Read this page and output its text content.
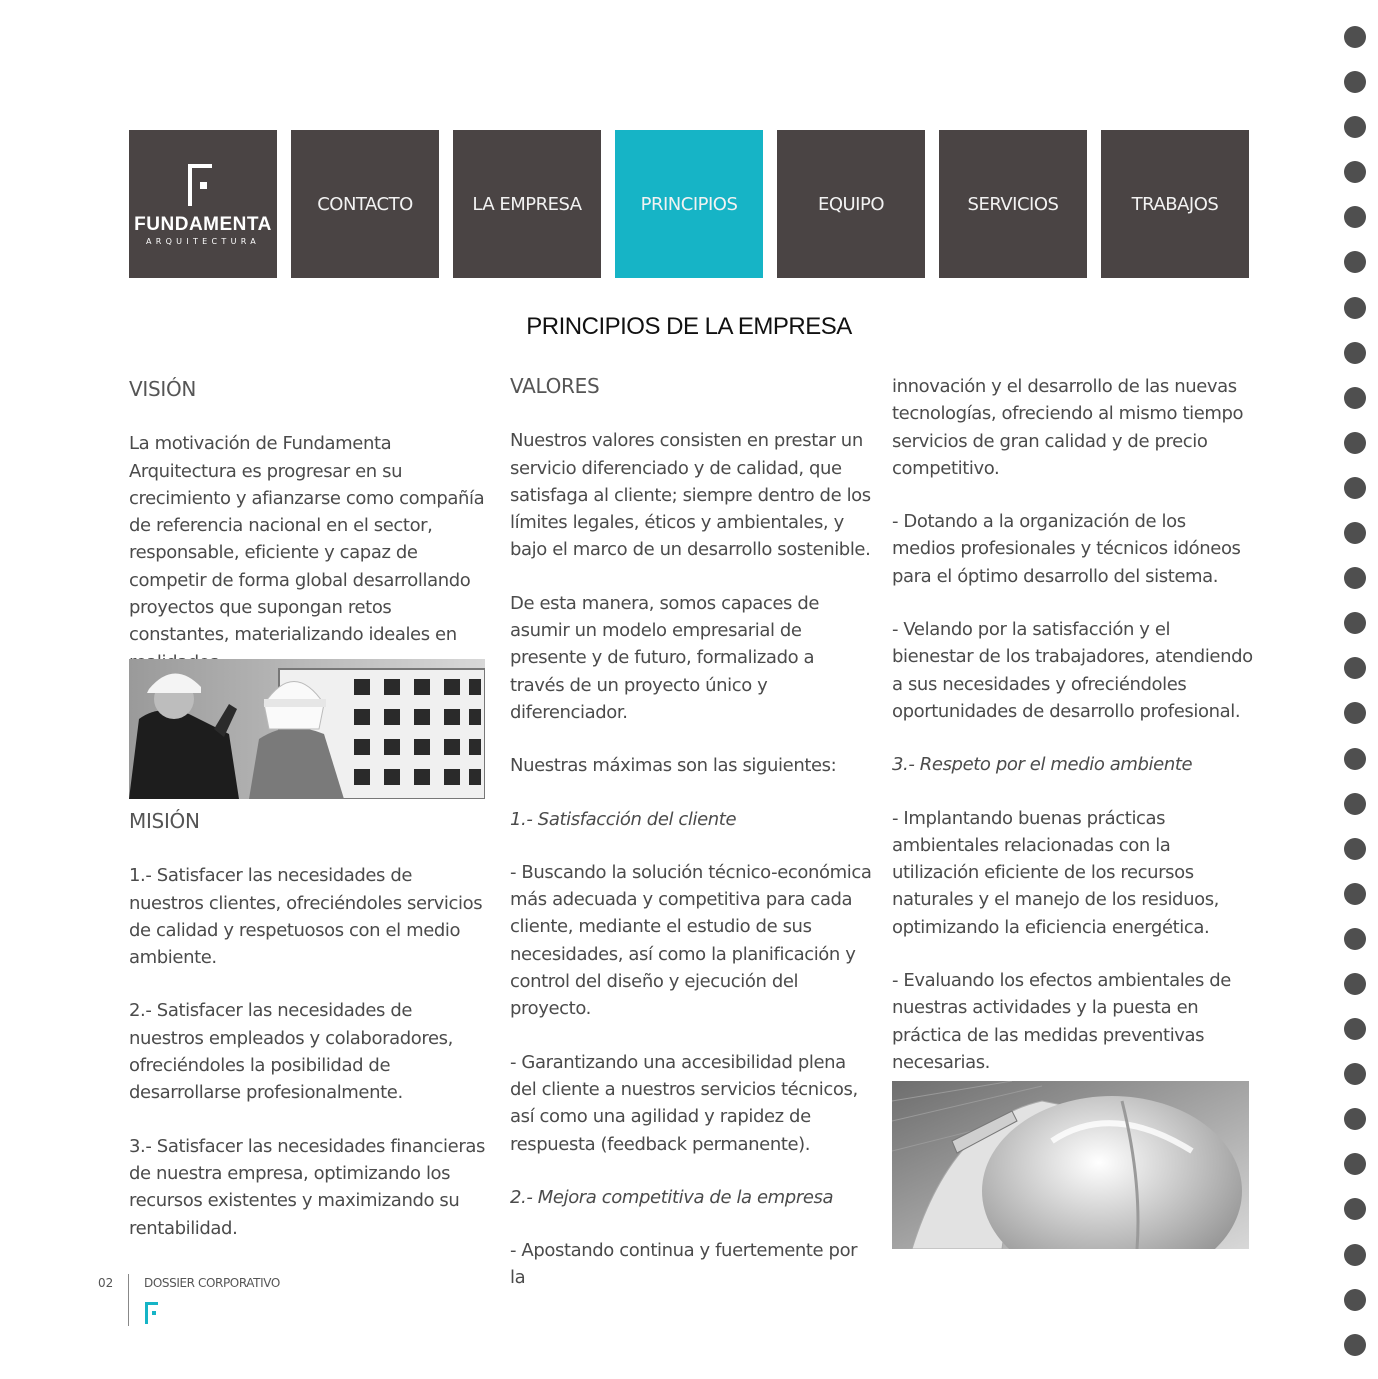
FUNDAMENTA
ARQUITECTURA
CONTACTO	LA EMPRESA	PRINCIPIOS	EQUIPO	SERVICIOS	TRABAJOS
PRINCIPIOS DE LA EMPRESA

VISIÓN

La motivación de Fundamenta Arquitectura es progresar en su crecimiento y afianzarse como compañía de referencia nacional en el sector, responsable, eficiente y capaz de competir de forma global desarrollando proyectos que supongan retos constantes, materializando ideales en

MISIÓN

1.- Satisfacer las necesidades de nuestros clientes, ofreciéndoles servicios de calidad y respetuosos con el medio ambiente.

2.- Satisfacer las necesidades de nuestros empleados y colaboradores, ofreciéndoles la posibilidad de desarrollarse profesionalmente.

3.- Satisfacer las necesidades financieras de nuestra empresa, optimizando los recursos existentes y maximizando su rentabilidad.

VALORES

Nuestros valores consisten en prestar un servicio diferenciado y de calidad, que satisfaga al cliente; siempre dentro de los límites legales, éticos y ambientales, y bajo el marco de un desarrollo sostenible.

De esta manera, somos capaces de asumir un modelo empresarial de presente y de futuro, formalizado a través de un proyecto único y diferenciador.

Nuestras máximas son las siguientes:

1.- Satisfacción del cliente

- Buscando la solución técnico-económica más adecuada y competitiva para cada cliente, mediante el estudio de sus necesidades, así como la planificación y control del diseño y ejecución del proyecto.

- Garantizando una accesibilidad plena del cliente a nuestros servicios técnicos, así como una agilidad y rapidez de respuesta (feedback permanente).

2.- Mejora competitiva de la empresa

- Apostando continua y fuertemente por la

innovación y el desarrollo de las nuevas tecnologías, ofreciendo al mismo tiempo servicios de gran calidad y de precio competitivo.

- Dotando a la organización de los medios profesionales y técnicos idóneos para el óptimo desarrollo del sistema.

- Velando por la satisfacción y el bienestar de los trabajadores, atendiendo a sus necesidades y ofreciéndoles oportunidades de desarrollo profesional.

3.- Respeto por el medio ambiente

- Implantando buenas prácticas ambientales relacionadas con la utilización eficiente de los recursos naturales y el manejo de los residuos, optimizando la eficiencia energética.

- Evaluando los efectos ambientales de nuestras actividades y la puesta en práctica de las medidas preventivas necesarias.

02	DOSSIER CORPORATIVO
